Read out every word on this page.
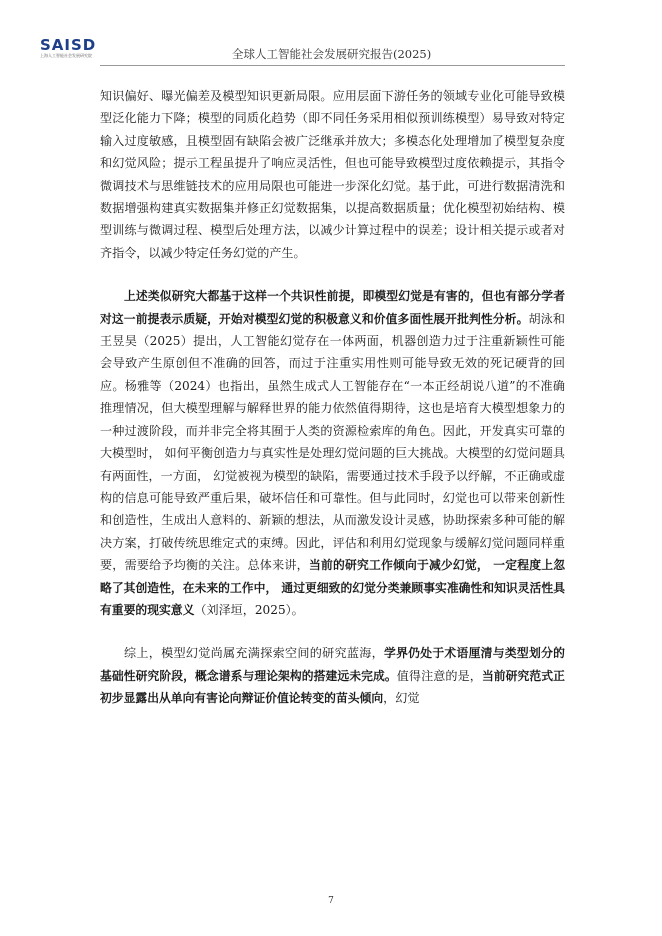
SAISD
上海人工智能社会发展研究院	全球人工智能社会发展研究报告(2025)

知识偏好、曝光偏差及模型知识更新局限。应用层面下游任务的领域专业化可能导致模型泛化能力下降；模型的同质化趋势（即不同任务采用相似预训练模型）易导致对特定输入过度敏感，且模型固有缺陷会被广泛继承并放大；多模态化处理增加了模型复杂度和幻觉风险；提示工程虽提升了响应灵活性，但也可能导致模型过度依赖提示，其指令微调技术与思维链技术的应用局限也可能进一步深化幻觉。基于此，可进行数据清洗和数据增强构建真实数据集并修正幻觉数据集，以提高数据质量；优化模型初始结构、模型训练与微调过程、模型后处理方法，以减少计算过程中的误差；设计相关提示或者对齐指令，以减少特定任务幻觉的产生。

上述类似研究大都基于这样一个共识性前提，即模型幻觉是有害的，但也有部分学者对这一前提表示质疑，开始对模型幻觉的积极意义和价值多面性展开批判性分析。胡泳和王昱昊（2025）提出，人工智能幻觉存在一体两面，机器创造力过于注重新颖性可能会导致产生原创但不准确的回答，而过于注重实用性则可能导致无效的死记硬背的回应。杨雅等（2024）也指出，虽然生成式人工智能存在“一本正经胡说八道”的不准确推理情况，但大模型理解与解释世界的能力依然值得期待，这也是培育大模型想象力的一种过渡阶段，而并非完全将其囿于人类的资源检索库的角色。因此，开发真实可靠的大模型时， 如何平衡创造力与真实性是处理幻觉问题的巨大挑战。大模型的幻觉问题具有两面性，一方面， 幻觉被视为模型的缺陷，需要通过技术手段予以纾解，不正确或虚构的信息可能导致严重后果，破坏信任和可靠性。但与此同时，幻觉也可以带来创新性和创造性，生成出人意料的、新颖的想法，从而激发设计灵感，协助探索多种可能的解决方案，打破传统思维定式的束缚。因此，评估和利用幻觉现象与缓解幻觉问题同样重要，需要给予均衡的关注。总体来讲，当前的研究工作倾向于减少幻觉， 一定程度上忽略了其创造性，在未来的工作中， 通过更细致的幻觉分类兼顾事实准确性和知识灵活性具有重要的现实意义（刘泽垣，2025）。

综上，模型幻觉尚属充满探索空间的研究蓝海，学界仍处于术语厘清与类型划分的基础性研究阶段，概念谱系与理论架构的搭建远未完成。值得注意的是，当前研究范式正初步显露出从单向有害论向辩证价值论转变的苗头倾向，幻觉

7
